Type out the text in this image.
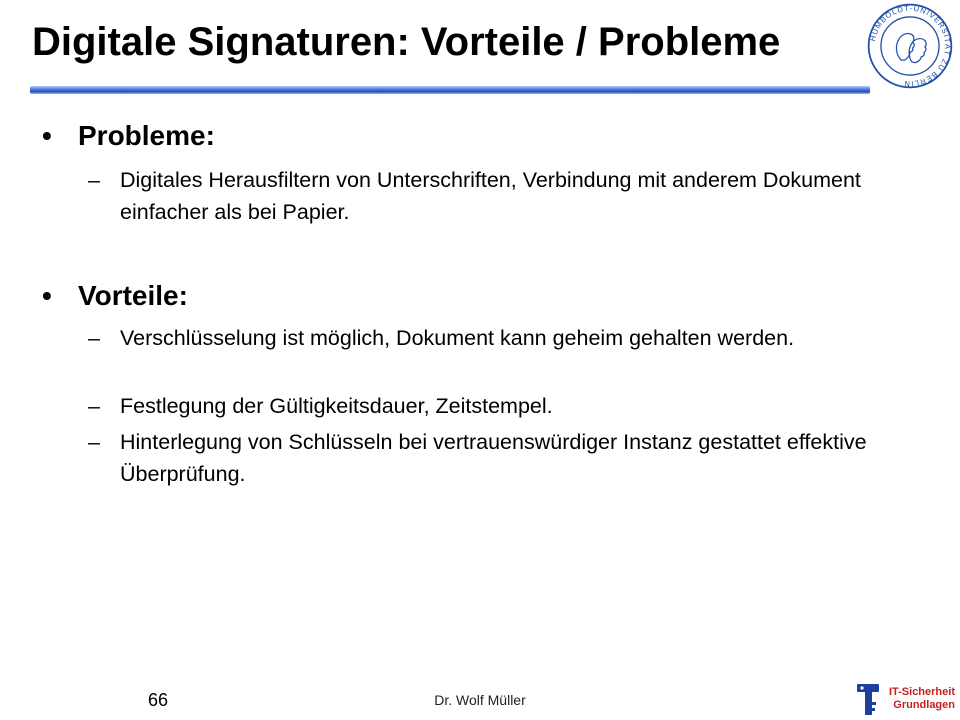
Digitale Signaturen: Vorteile / Probleme	HUMBOLDT-UNIVERSITÄT ZU BERLIN
• Probleme:
– Digitales Herausfiltern von Unterschriften, Verbindung mit anderem Dokument einfacher als bei Papier.
• Vorteile:
– Verschlüsselung ist möglich, Dokument kann geheim gehalten werden.
– Festlegung der Gültigkeitsdauer, Zeitstempel.
– Hinterlegung von Schlüsseln bei vertrauenswürdiger Instanz gestattet effektive Überprüfung.
66	Dr. Wolf Müller	IT-Sicherheit
Grundlagen
